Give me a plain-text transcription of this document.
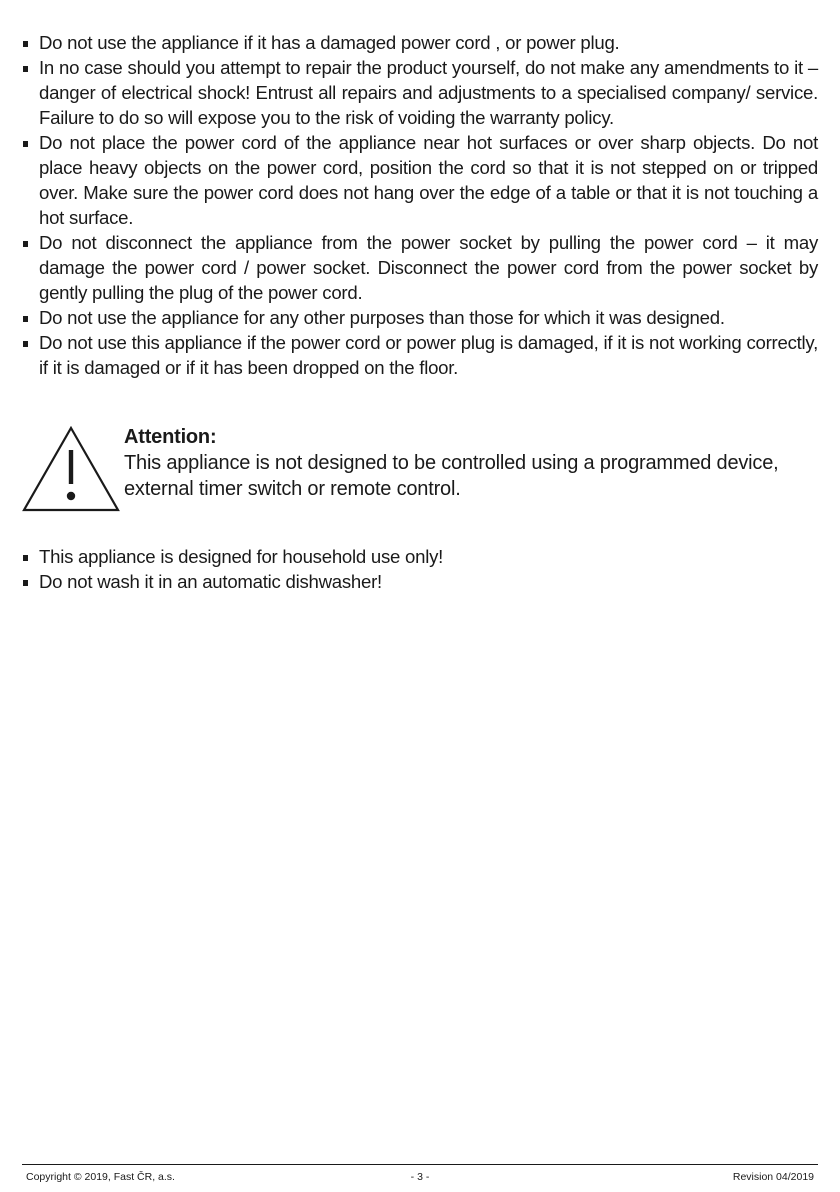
Do not use the appliance if it has a damaged power cord , or power plug.
In no case should you attempt to repair the product yourself, do not make any amendments to it – danger of electrical shock! Entrust all repairs and adjustments to a specialised company/ service. Failure to do so will expose you to the risk of voiding the warranty policy.
Do not place the power cord of the appliance near hot surfaces or over sharp objects. Do not place heavy objects on the power cord, position the cord so that it is not stepped on or tripped over. Make sure the power cord does not hang over the edge of a table or that it is not touching a hot surface.
Do not disconnect the appliance from the power socket by pulling the power cord – it may damage the power cord / power socket. Disconnect the power cord from the power socket by gently pulling the plug of the power cord.
Do not use the appliance for any other purposes than those for which it was designed.
Do not use this appliance if the power cord or power plug is damaged, if it is not working correctly, if it is damaged or if it has been dropped on the floor.
Attention:
This appliance is not designed to be controlled using a programmed device, external timer switch or remote control.
This appliance is designed for household use only!
Do not wash it in an automatic dishwasher!
Copyright © 2019, Fast ČR, a.s.	- 3 -	Revision 04/2019
